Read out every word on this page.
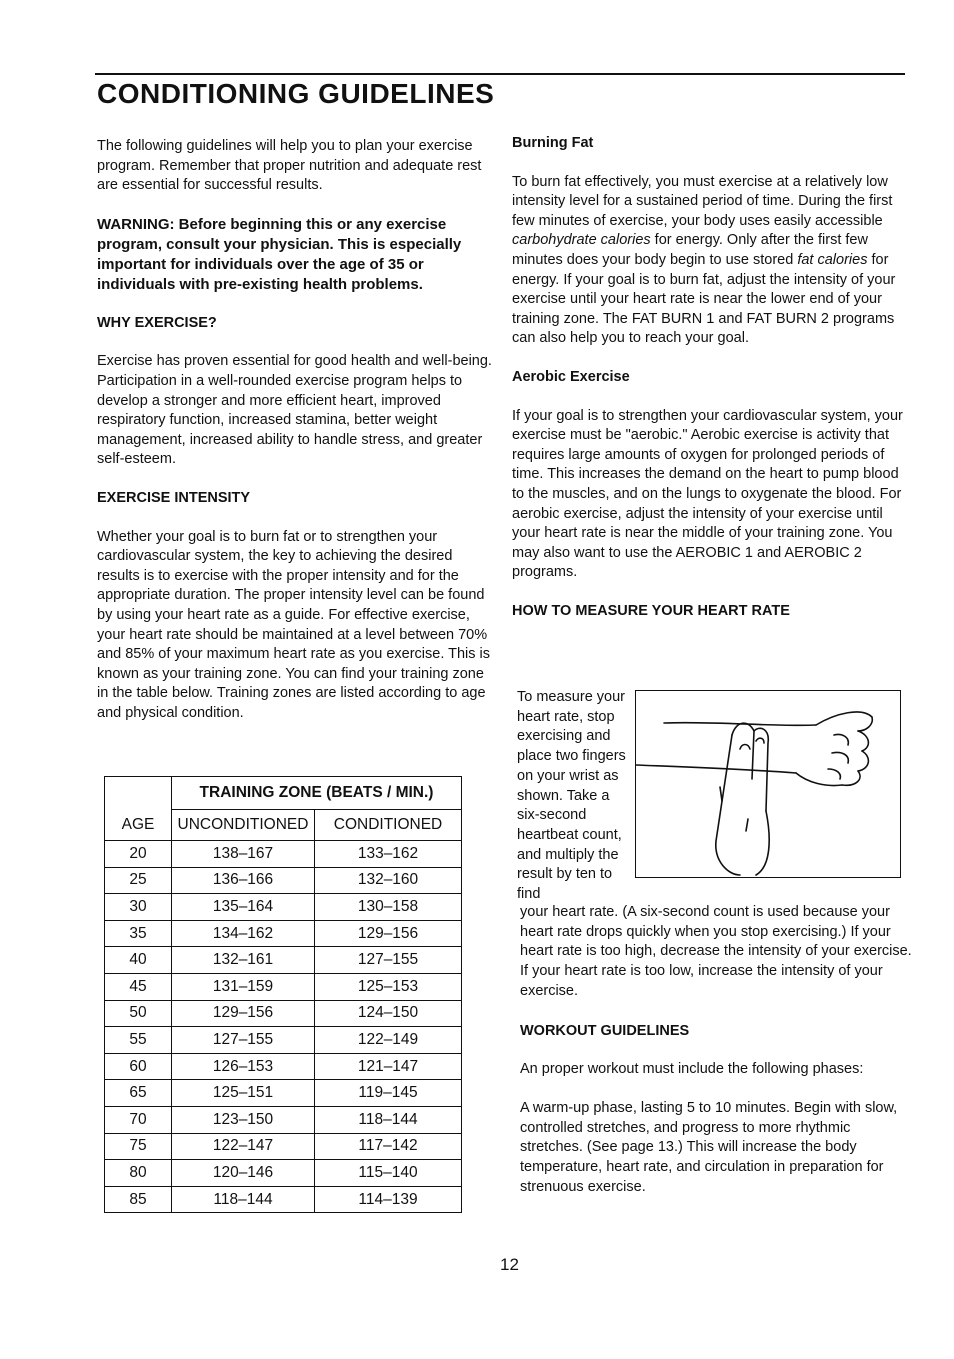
CONDITIONING GUIDELINES

The following guidelines will help you to plan your exercise program. Remember that proper nutrition and adequate rest are essential for successful results.

WARNING: Before beginning this or any exercise program, consult your physician. This is especially important for individuals over the age of 35 or individuals with pre-existing health problems.

WHY EXERCISE?

Exercise has proven essential for good health and well-being. Participation in a well-rounded exercise program helps to develop a stronger and more efficient heart, improved respiratory function, increased stamina, better weight management, increased ability to handle stress, and greater self-esteem.

EXERCISE INTENSITY

Whether your goal is to burn fat or to strengthen your cardiovascular system, the key to achieving the desired results is to exercise with the proper intensity and for the appropriate duration. The proper intensity level can be found by using your heart rate as a guide. For effective exercise, your heart rate should be maintained at a level between 70% and 85% of your maximum heart rate as you exercise. This is known as your training zone. You can find your training zone in the table below. Training zones are listed according to age and physical condition.

	TRAINING ZONE (BEATS / MIN.)	
AGE	UNCONDITIONED	CONDITIONED
20	138–167	133–162
25	136–166	132–160
30	135–164	130–158
35	134–162	129–156
40	132–161	127–155
45	131–159	125–153
50	129–156	124–150
55	127–155	122–149
60	126–153	121–147
65	125–151	119–145
70	123–150	118–144
75	122–147	117–142
80	120–146	115–140
85	118–144	114–139

Burning Fat

To burn fat effectively, you must exercise at a relatively low intensity level for a sustained period of time. During the first few minutes of exercise, your body uses easily accessible carbohydrate calories for energy. Only after the first few minutes does your body begin to use stored fat calories for energy. If your goal is to burn fat, adjust the intensity of your exercise until your heart rate is near the lower end of your training zone. The FAT BURN 1 and FAT BURN 2 programs can also help you to reach your goal.

Aerobic Exercise

If your goal is to strengthen your cardiovascular system, your exercise must be "aerobic." Aerobic exercise is activity that requires large amounts of oxygen for prolonged periods of time. This increases the demand on the heart to pump blood to the muscles, and on the lungs to oxygenate the blood. For aerobic exercise, adjust the intensity of your exercise until your heart rate is near the middle of your training zone. You may also want to use the AEROBIC 1 and AEROBIC 2 programs.

HOW TO MEASURE YOUR HEART RATE

To measure your heart rate, stop exercising and place two fingers on your wrist as shown. Take a six-second heartbeat count, and multiply the result by ten to find

your heart rate. (A six-second count is used because your heart rate drops quickly when you stop exercising.) If your heart rate is too high, decrease the intensity of your exercise. If your heart rate is too low, increase the intensity of your exercise.

WORKOUT GUIDELINES

An proper workout must include the following phases:

A warm-up phase, lasting 5 to 10 minutes. Begin with slow, controlled stretches, and progress to more rhythmic stretches. (See page 13.) This will increase the body temperature, heart rate, and circulation in preparation for strenuous exercise.

12
